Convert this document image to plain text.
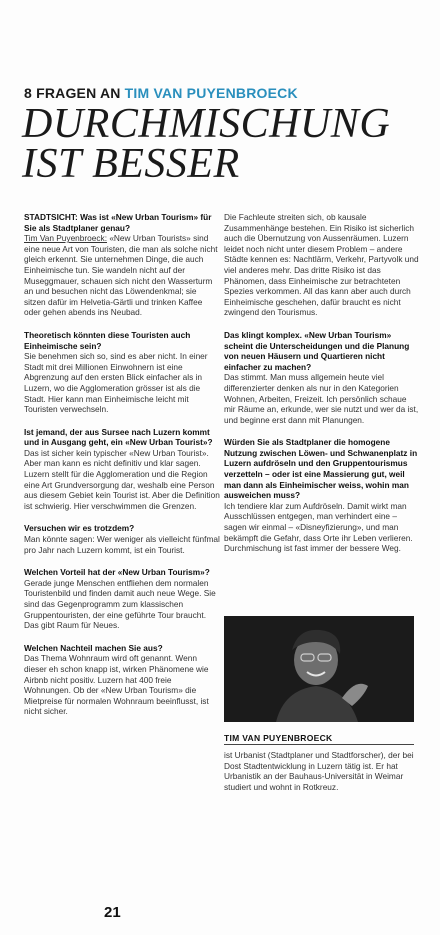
8 FRAGEN AN TIM VAN PUYENBROECK
DURCHMISCHUNG
IST BESSER

STADTSICHT: Was ist «New Urban Tourism» für Sie als Stadtplaner genau?

Tim Van Puyenbroeck: «New Urban Tourists» sind eine neue Art von Touristen, die man als solche nicht gleich erkennt. Sie unternehmen Dinge, die auch Einheimische tun. Sie wandeln nicht auf der Museggmauer, schauen sich nicht den Wasserturm an und besuchen nicht das Löwendenkmal; sie sitzen dafür im Helvetia-Gärtli und trinken Kaffee oder gehen abends ins Neubad.

Theoretisch könnten diese Touristen auch Einheimische sein?

Sie benehmen sich so, sind es aber nicht. In einer Stadt mit drei Millionen Einwohnern ist eine Abgrenzung auf den ersten Blick einfacher als in Luzern, wo die Agglomeration grösser ist als die Stadt. Hier kann man Einheimische leicht mit Touristen verwechseln.

Ist jemand, der aus Sursee nach Luzern kommt und in Ausgang geht, ein «New Urban Tourist»?

Das ist sicher kein typischer «New Urban Tourist». Aber man kann es nicht definitiv und klar sagen. Luzern stellt für die Agglomeration und die Region eine Art Grundversorgung dar, weshalb eine Person aus diesem Gebiet kein Tourist ist. Aber die Definition ist schwierig. Hier verschwimmen die Grenzen.

Versuchen wir es trotzdem?

Man könnte sagen: Wer weniger als vielleicht fünfmal pro Jahr nach Luzern kommt, ist ein Tourist.

Welchen Vorteil hat der «New Urban Tourism»?

Gerade junge Menschen entfliehen dem normalen Touristenbild und finden damit auch neue Wege. Sie sind das Gegenprogramm zum klassischen Gruppentouristen, der eine geführte Tour braucht. Das gibt Raum für Neues.

Welchen Nachteil machen Sie aus?

Das Thema Wohnraum wird oft genannt. Wenn dieser eh schon knapp ist, wirken Phänomene wie Airbnb nicht positiv. Luzern hat 400 freie Wohnungen. Ob der «New Urban Tourism» die Mietpreise für normalen Wohnraum beeinflusst, ist nicht sicher.

Die Fachleute streiten sich, ob kausale Zusammenhänge bestehen. Ein Risiko ist sicherlich auch die Übernutzung von Aussenräumen. Luzern leidet noch nicht unter diesem Problem – andere Städte kennen es: Nachtlärm, Verkehr, Partyvolk und viel anderes mehr. Das dritte Risiko ist das Phänomen, dass Einheimische zur betrachteten Spezies verkommen. All das kann aber auch durch Einheimische geschehen, dafür braucht es nicht zwingend den Tourismus.

Das klingt komplex. «New Urban Tourism» scheint die Unterscheidungen und die Planung von neuen Häusern und Quartieren nicht einfacher zu machen?

Das stimmt. Man muss allgemein heute viel differenzierter denken als nur in den Kategorien Wohnen, Arbeiten, Freizeit. Ich persönlich schaue mir Räume an, erkunde, wer sie nutzt und wer da ist, und beginne erst dann mit Planungen.

Würden Sie als Stadtplaner die homogene Nutzung zwischen Löwen- und Schwanenplatz in Luzern aufdröseln und den Gruppentourismus verzetteln – oder ist eine Massierung gut, weil man dann als Einheimischer weiss, wohin man ausweichen muss?

Ich tendiere klar zum Aufdröseln. Damit wirkt man Ausschlüssen entgegen, man verhindert eine – sagen wir einmal – «Disneyfizierung», und man bekämpft die Gefahr, dass Orte ihr Leben verlieren. Durchmischung ist fast immer der bessere Weg.

TIM VAN PUYENBROECK
ist Urbanist (Stadtplaner und Stadtforscher), der bei Dost Stadtentwicklung in Luzern tätig ist. Er hat Urbanistik an der Bauhaus-Universität in Weimar studiert und wohnt in Rotkreuz.
21
